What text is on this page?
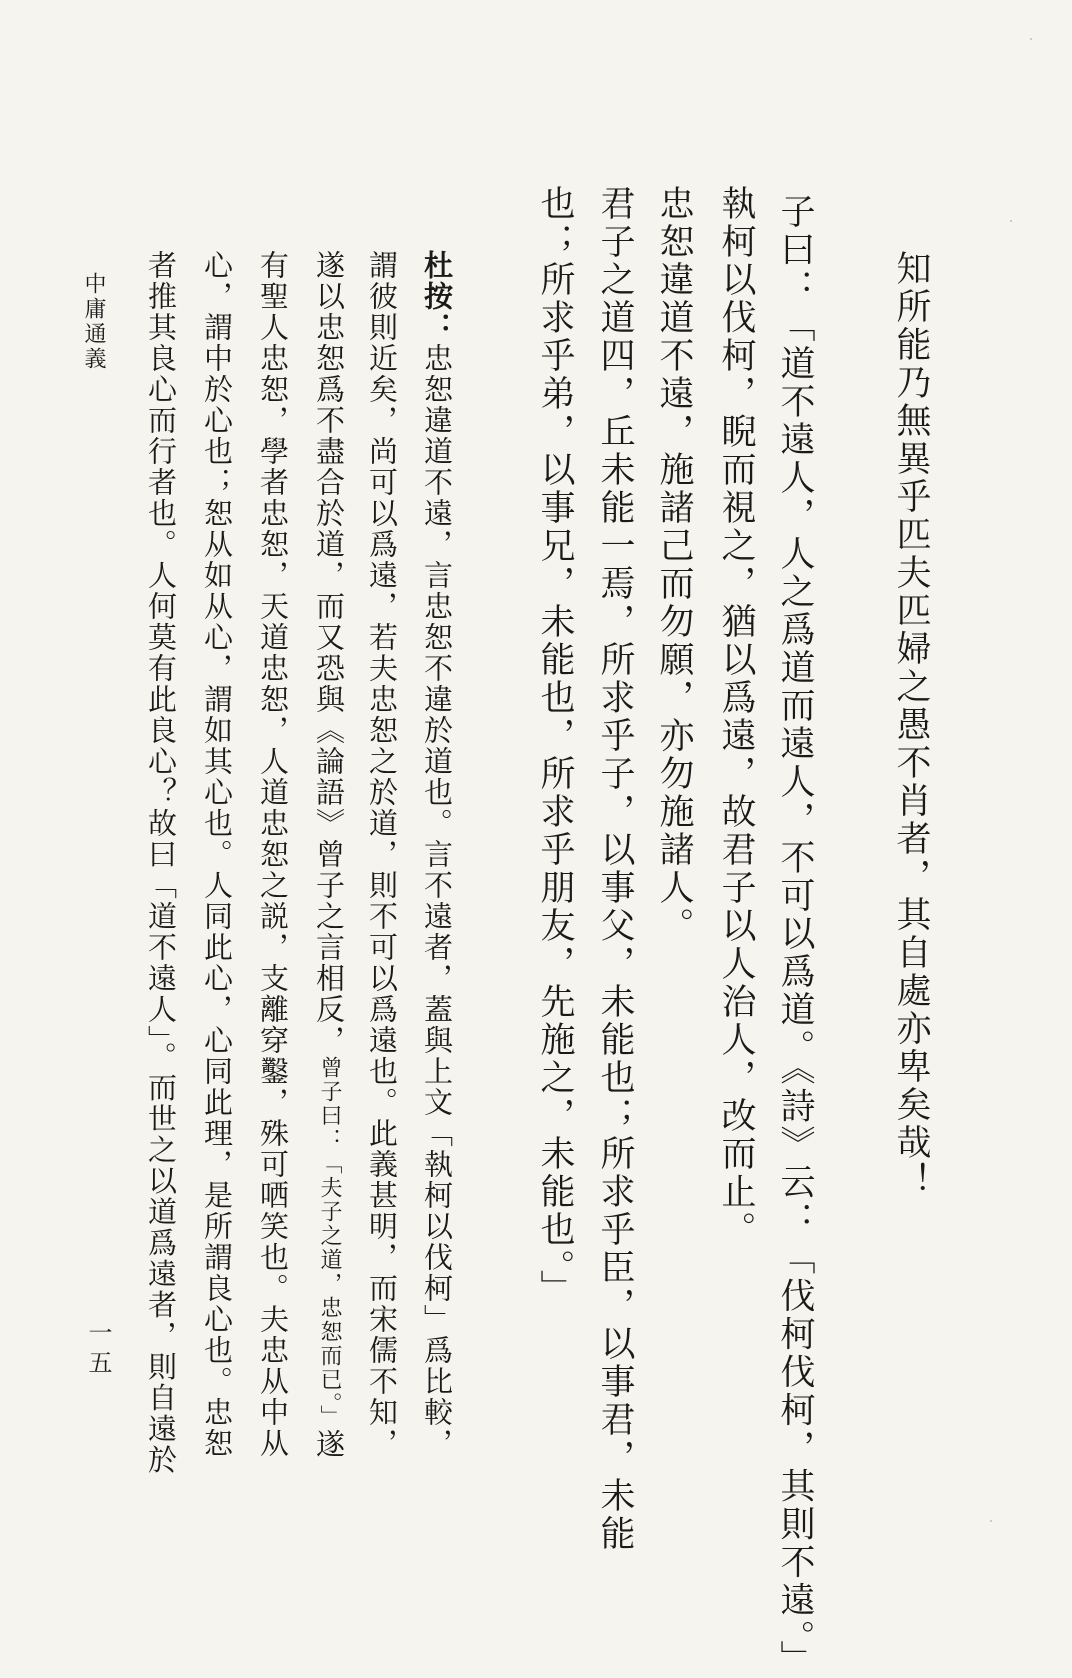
知所能乃無異乎匹夫匹婦之愚不肖者，其自處亦卑矣哉！
子曰：「道不遠人，人之爲道而遠人，不可以爲道。《詩》云：「伐柯伐柯，其則不遠。」
執柯以伐柯，睨而視之，猶以爲遠，故君子以人治人，改而止。
忠恕違道不遠，施諸己而勿願，亦勿施諸人。
君子之道四，丘未能一焉，所求乎子，以事父，未能也；所求乎臣，以事君，未能
也；所求乎弟，以事兄，未能也，所求乎朋友，先施之，未能也。」
杜按：忠恕違道不遠，言忠恕不違於道也。言不遠者，蓋與上文「執柯以伐柯」爲比較，
謂彼則近矣，尚可以爲遠，若夫忠恕之於道，則不可以爲遠也。此義甚明，而宋儒不知，
遂以忠恕爲不盡合於道，而又恐與《論語》曾子之言相反，曾子曰：「夫子之道，忠恕而已。」遂
有聖人忠恕，學者忠恕，天道忠恕，人道忠恕之説，支離穿鑿，殊可哂笑也。夫忠从中从
心，謂中於心也；恕从如从心，謂如其心也。人同此心，心同此理，是所謂良心也。忠恕
者推其良心而行者也。人何莫有此良心？故曰「道不遠人」。而世之以道爲遠者，則自遠於
中庸通義
一五
